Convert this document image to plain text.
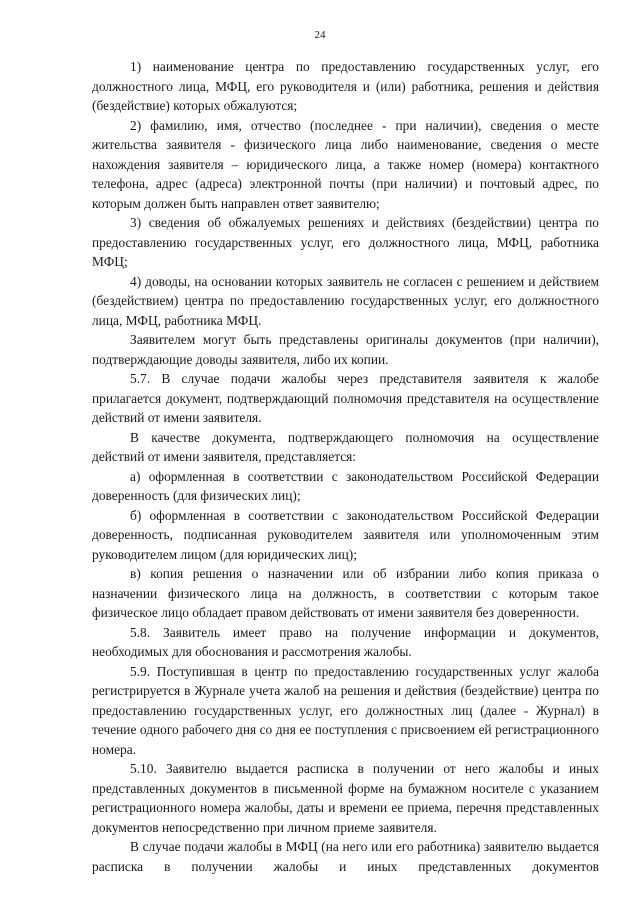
24

1) наименование центра по предоставлению государственных услуг, его должностного лица, МФЦ, его руководителя и (или) работника, решения и действия (бездействие) которых обжалуются;

2) фамилию, имя, отчество (последнее - при наличии), сведения о месте жительства заявителя - физического лица либо наименование, сведения о месте нахождения заявителя – юридического лица, а также номер (номера) контактного телефона, адрес (адреса) электронной почты (при наличии) и почтовый адрес, по которым должен быть направлен ответ заявителю;

3) сведения об обжалуемых решениях и действиях (бездействии) центра по предоставлению государственных услуг, его должностного лица, МФЦ, работника МФЦ;

4) доводы, на основании которых заявитель не согласен с решением и действием (бездействием) центра по предоставлению государственных услуг, его должностного лица, МФЦ, работника МФЦ.

Заявителем могут быть представлены оригиналы документов (при наличии), подтверждающие доводы заявителя, либо их копии.

5.7. В случае подачи жалобы через представителя заявителя к жалобе прилагается документ, подтверждающий полномочия представителя на осуществление действий от имени заявителя.

В качестве документа, подтверждающего полномочия на осуществление действий от имени заявителя, представляется:

а) оформленная в соответствии с законодательством Российской Федерации доверенность (для физических лиц);

б) оформленная в соответствии с законодательством Российской Федерации доверенность, подписанная руководителем заявителя или уполномоченным этим руководителем лицом (для юридических лиц);

в) копия решения о назначении или об избрании либо копия приказа о назначении физического лица на должность, в соответствии с которым такое физическое лицо обладает правом действовать от имени заявителя без доверенности.

5.8. Заявитель имеет право на получение информации и документов, необходимых для обоснования и рассмотрения жалобы.

5.9. Поступившая в центр по предоставлению государственных услуг жалоба регистрируется в Журнале учета жалоб на решения и действия (бездействие) центра по предоставлению государственных услуг, его должностных лиц (далее - Журнал) в течение одного рабочего дня со дня ее поступления с присвоением ей регистрационного номера.

5.10. Заявителю выдается расписка в получении от него жалобы и иных представленных документов в письменной форме на бумажном носителе с указанием регистрационного номера жалобы, даты и времени ее приема, перечня представленных документов непосредственно при личном приеме заявителя.

В случае подачи жалобы в МФЦ (на него или его работника) заявителю выдается расписка в получении жалобы и иных представленных документов
